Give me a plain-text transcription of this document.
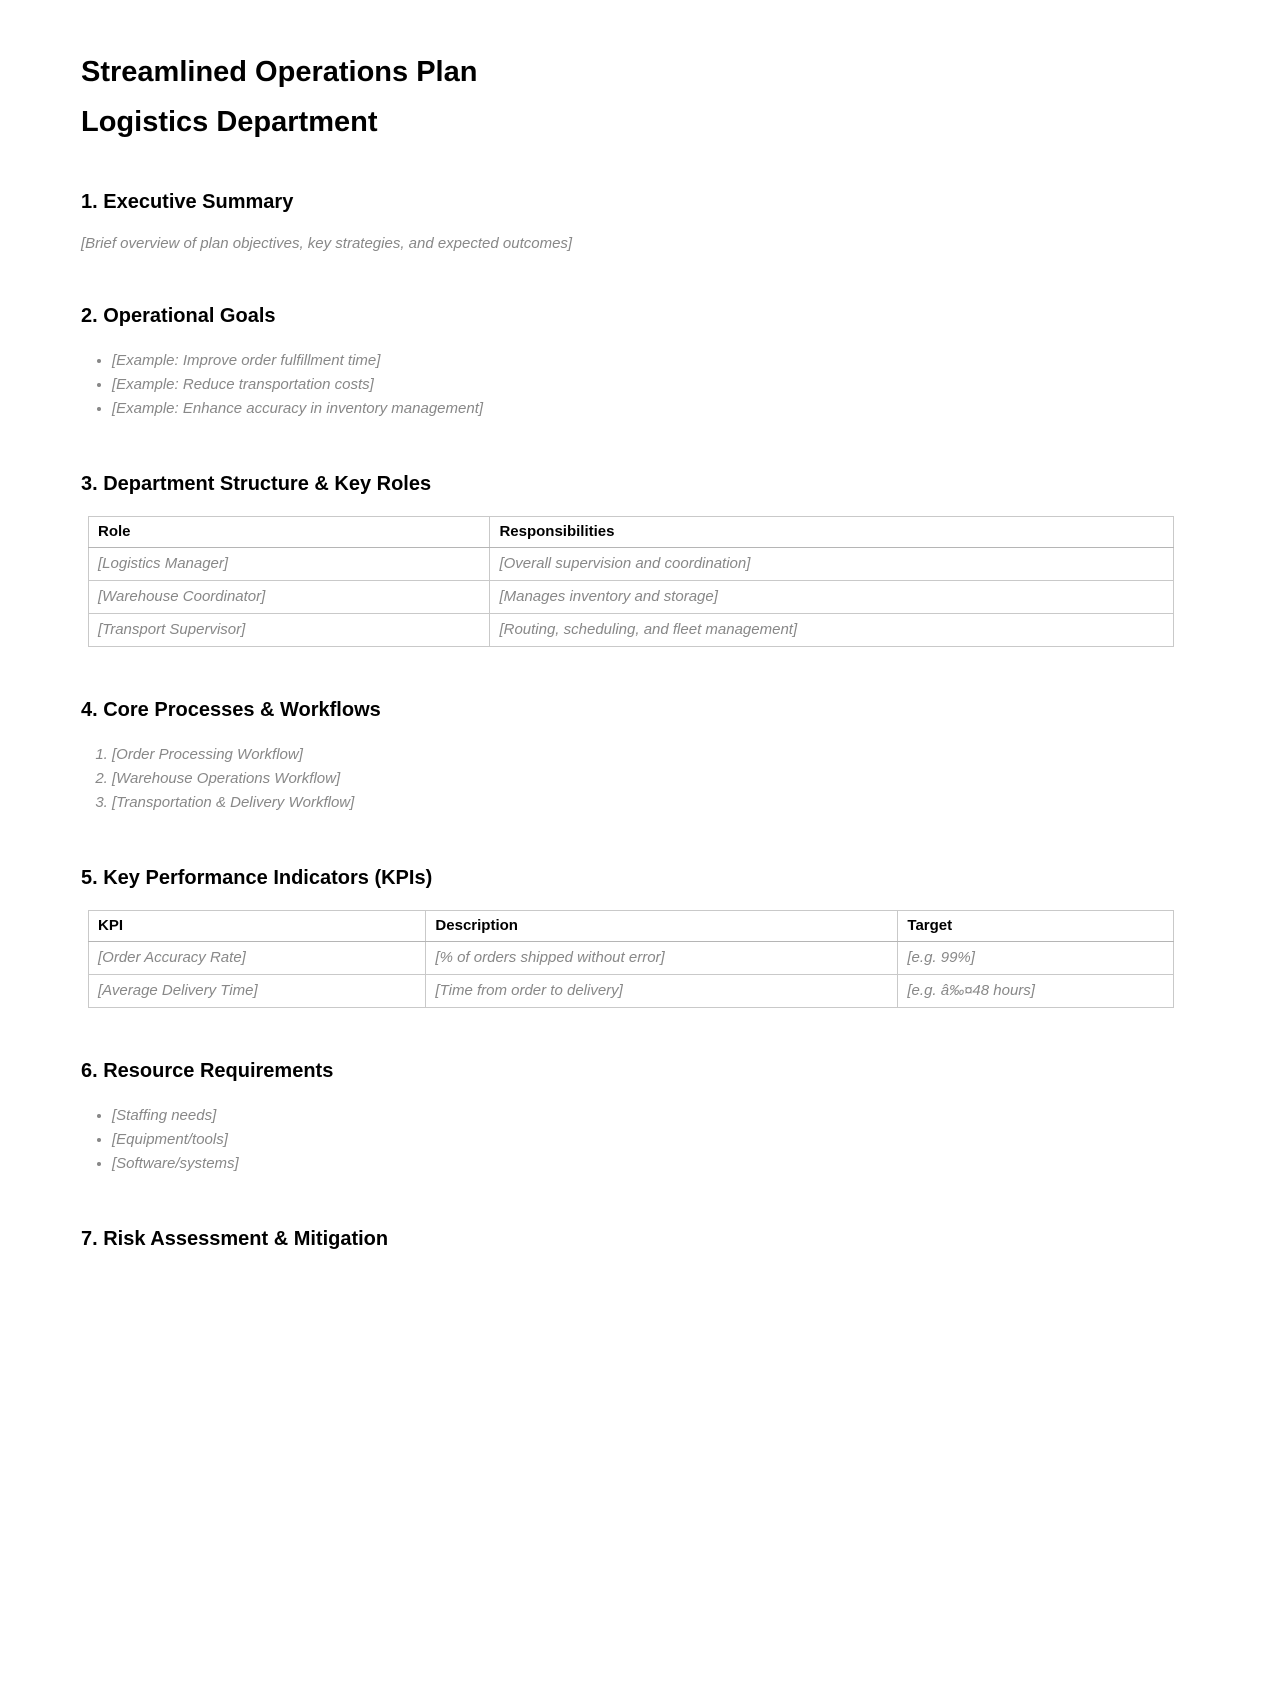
Streamlined Operations Plan
Logistics Department
1. Executive Summary

[Brief overview of plan objectives, key strategies, and expected outcomes]

2. Operational Goals
• [Example: Improve order fulfillment time]
• [Example: Reduce transportation costs]
• [Example: Enhance accuracy in inventory management]
3. Department Structure & Key Roles
Role	Responsibilities
[Logistics Manager]	[Overall supervision and coordination]
[Warehouse Coordinator]	[Manages inventory and storage]
[Transport Supervisor]	[Routing, scheduling, and fleet management]
4. Core Processes & Workflows
1. [Order Processing Workflow]
2. [Warehouse Operations Workflow]
3. [Transportation & Delivery Workflow]
5. Key Performance Indicators (KPIs)
KPI	Description	Target
[Order Accuracy Rate]	[% of orders shipped without error]	[e.g. 99%]
[Average Delivery Time]	[Time from order to delivery]	[e.g. â‰¤48 hours]
6. Resource Requirements
• [Staffing needs]
• [Equipment/tools]
• [Software/systems]
7. Risk Assessment & Mitigation
